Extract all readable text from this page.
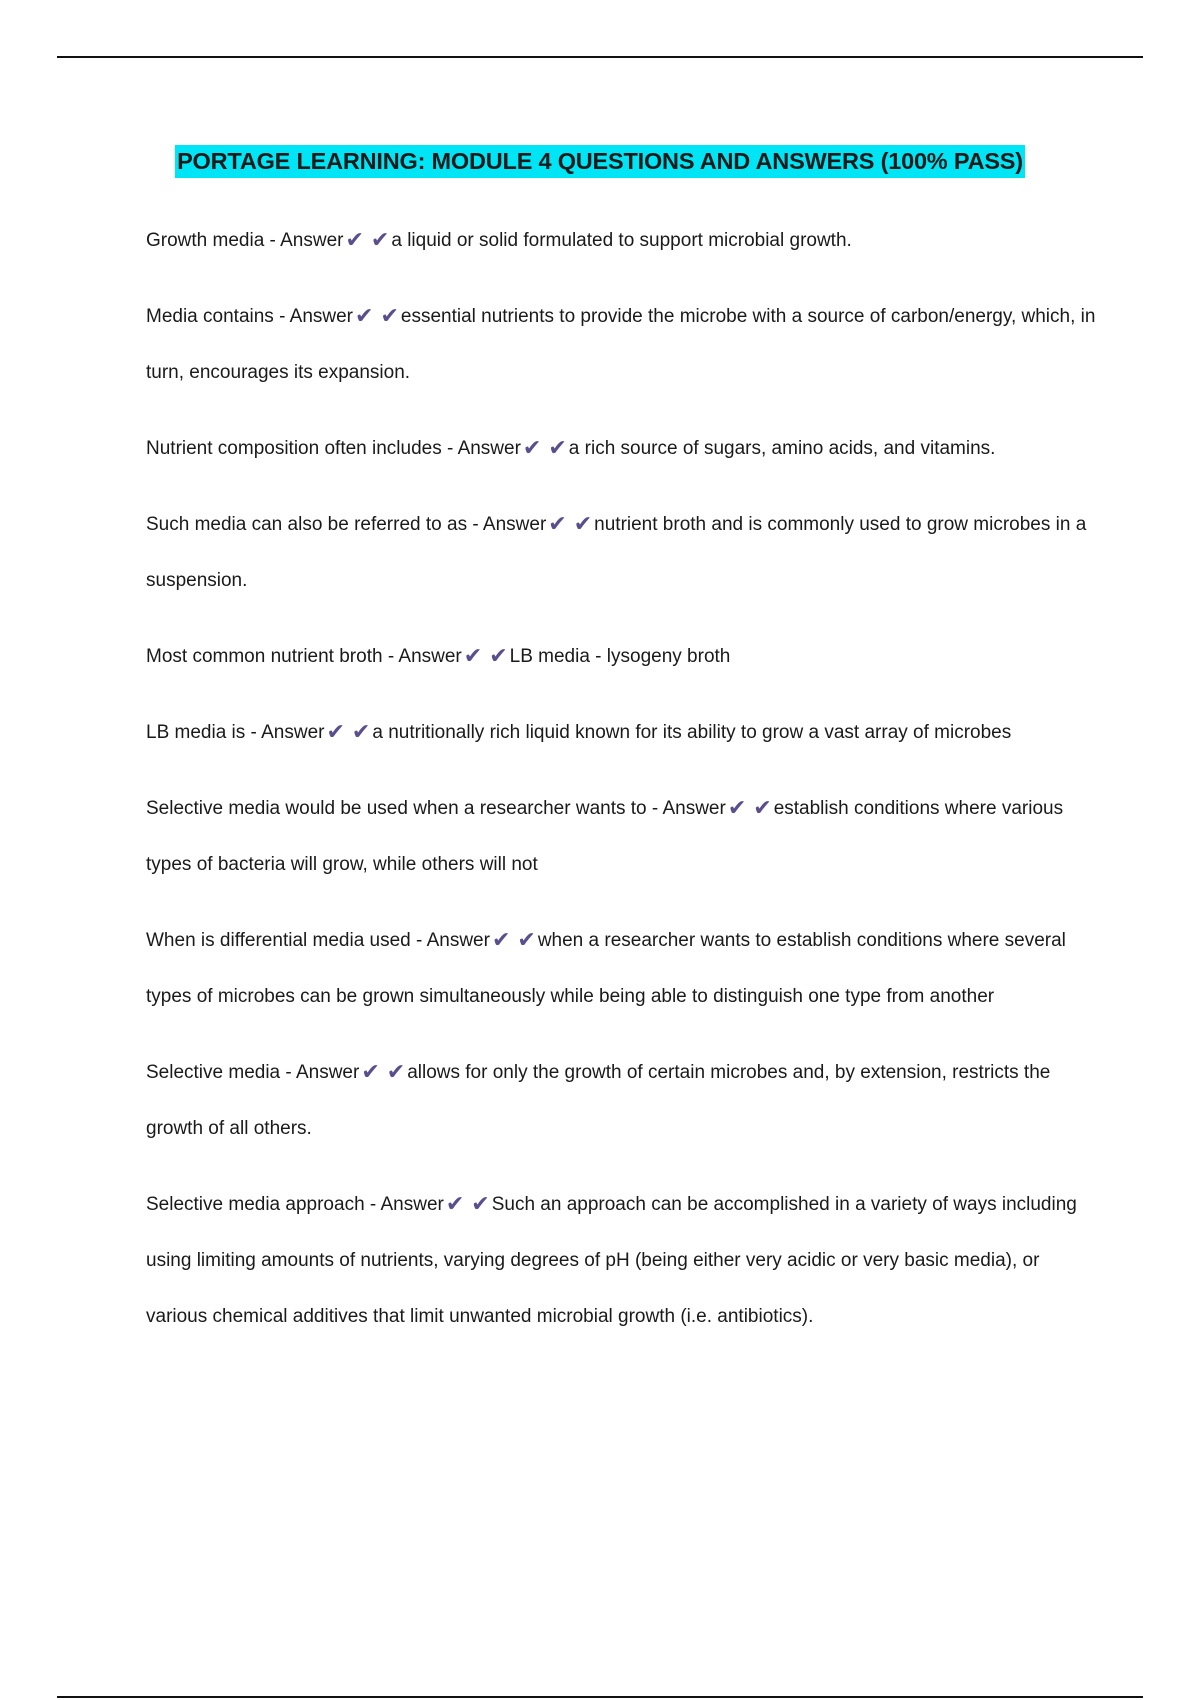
PORTAGE LEARNING: MODULE 4 QUESTIONS AND ANSWERS (100% PASS)
Growth media - Answer✔ ✔ a liquid or solid formulated to support microbial growth.
Media contains - Answer✔ ✔ essential nutrients to provide the microbe with a source of carbon/energy, which, in turn, encourages its expansion.
Nutrient composition often includes - Answer✔ ✔ a rich source of sugars, amino acids, and vitamins.
Such media can also be referred to as - Answer✔ ✔ nutrient broth and is commonly used to grow microbes in a suspension.
Most common nutrient broth - Answer✔ ✔ LB media - lysogeny broth
LB media is - Answer✔ ✔ a nutritionally rich liquid known for its ability to grow a vast array of microbes
Selective media would be used when a researcher wants to - Answer✔ ✔ establish conditions where various types of bacteria will grow, while others will not
When is differential media used - Answer✔ ✔ when a researcher wants to establish conditions where several types of microbes can be grown simultaneously while being able to distinguish one type from another
Selective media - Answer✔ ✔ allows for only the growth of certain microbes and, by extension, restricts the growth of all others.
Selective media approach - Answer✔ ✔ Such an approach can be accomplished in a variety of ways including using limiting amounts of nutrients, varying degrees of pH (being either very acidic or very basic media), or various chemical additives that limit unwanted microbial growth (i.e. antibiotics).
